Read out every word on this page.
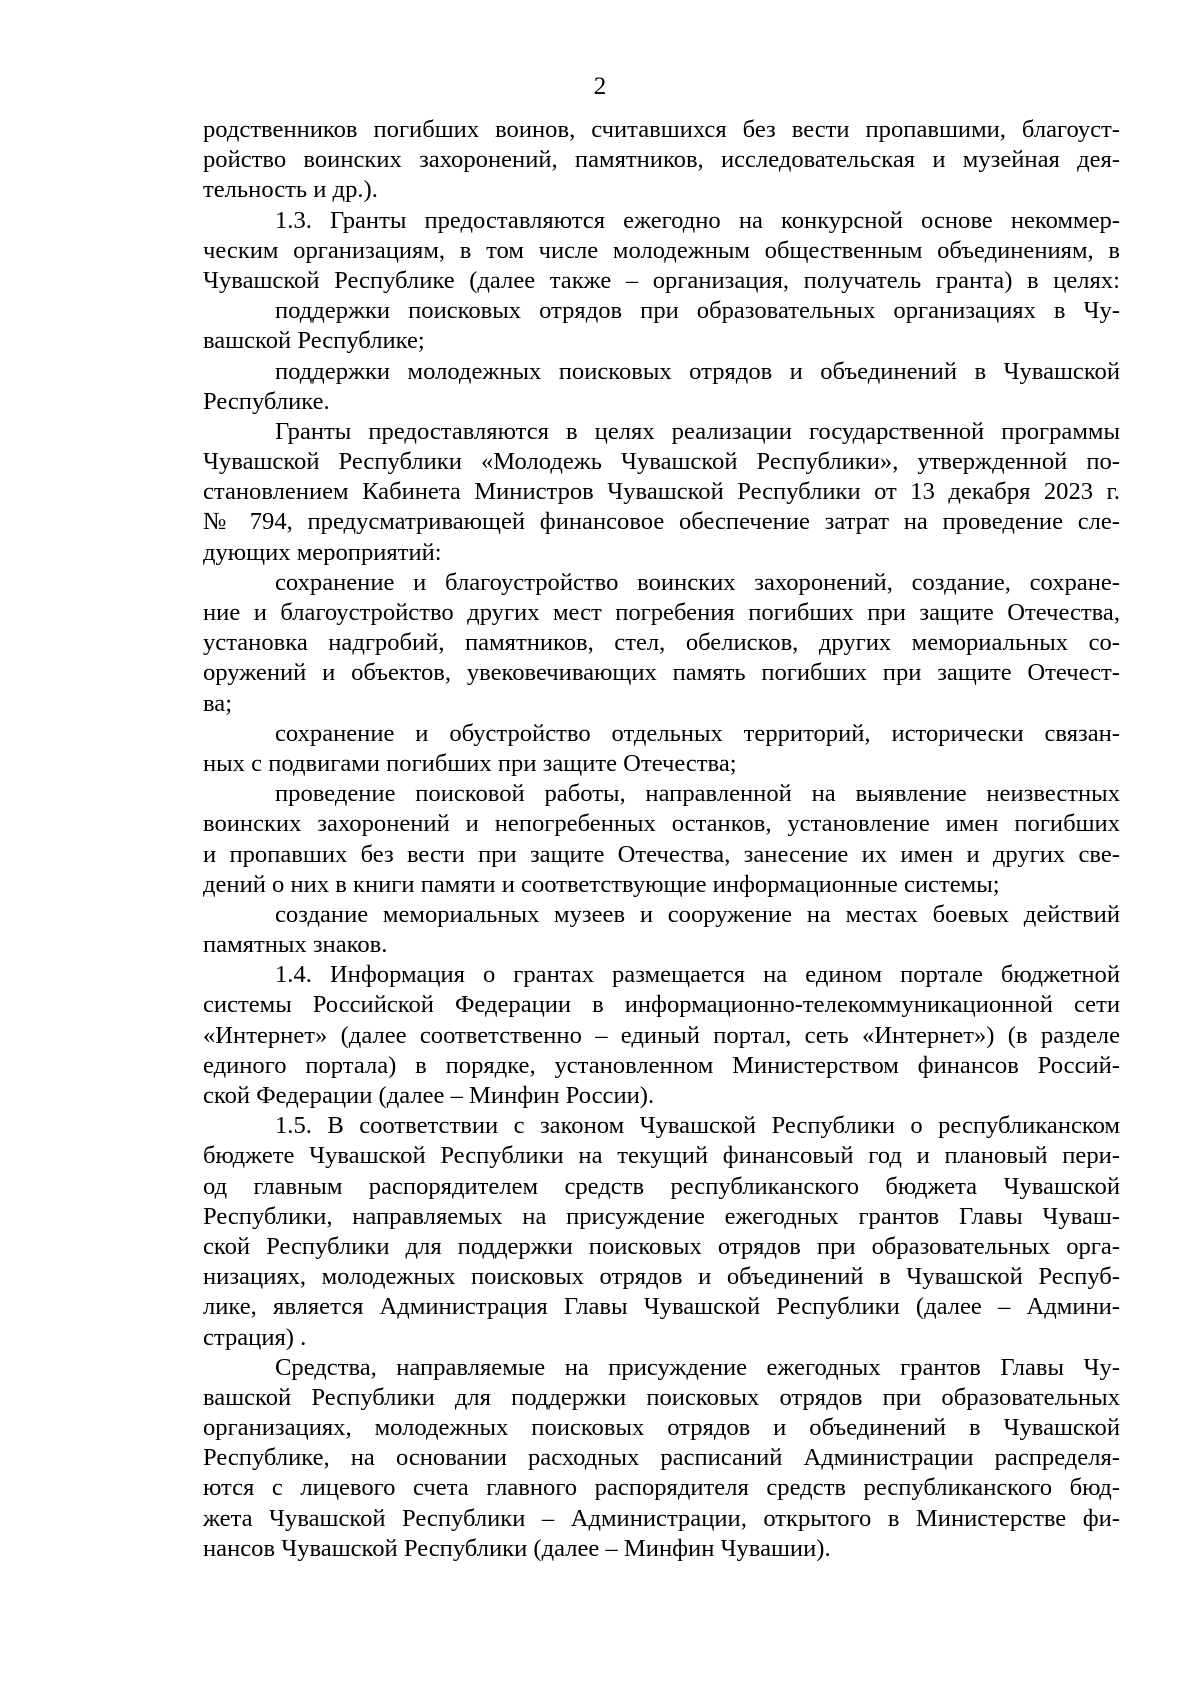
2
родственников погибших воинов, считавшихся без вести пропавшими, благоуст-
ройство воинских захоронений, памятников, исследовательская и музейная дея-
тельность и др.).
1.3. Гранты предоставляются ежегодно на конкурсной основе некоммер-
ческим организациям, в том числе молодежным общественным объединениям, в
Чувашской Республике (далее также – организация, получатель гранта) в целях:
поддержки поисковых отрядов при образовательных организациях в Чу-
вашской Республике;
поддержки молодежных поисковых отрядов и объединений в Чувашской
Республике.
Гранты предоставляются в целях реализации государственной программы
Чувашской Республики «Молодежь Чувашской Республики», утвержденной по-
становлением Кабинета Министров Чувашской Республики от 13 декабря 2023 г.
№ 794, предусматривающей финансовое обеспечение затрат на проведение сле-
дующих мероприятий:
сохранение и благоустройство воинских захоронений, создание, сохране-
ние и благоустройство других мест погребения погибших при защите Отечества,
установка надгробий, памятников, стел, обелисков, других мемориальных со-
оружений и объектов, увековечивающих память погибших при защите Отечест-
ва;
сохранение и обустройство отдельных территорий, исторически связан-
ных с подвигами погибших при защите Отечества;
проведение поисковой работы, направленной на выявление неизвестных
воинских захоронений и непогребенных останков, установление имен погибших
и пропавших без вести при защите Отечества, занесение их имен и других све-
дений о них в книги памяти и соответствующие информационные системы;
создание мемориальных музеев и сооружение на местах боевых действий
памятных знаков.
1.4. Информация о грантах размещается на едином портале бюджетной
системы Российской Федерации в информационно-телекоммуникационной сети
«Интернет» (далее соответственно – единый портал, сеть «Интернет») (в разделе
единого портала) в порядке, установленном Министерством финансов Россий-
ской Федерации (далее – Минфин России).
1.5. В соответствии с законом Чувашской Республики о республиканском
бюджете Чувашской Республики на текущий финансовый год и плановый пери-
од главным распорядителем средств республиканского бюджета Чувашской
Республики, направляемых на присуждение ежегодных грантов Главы Чуваш-
ской Республики для поддержки поисковых отрядов при образовательных орга-
низациях, молодежных поисковых отрядов и объединений в Чувашской Респуб-
лике, является Администрация Главы Чувашской Республики (далее – Админи-
страция) .
Средства, направляемые на присуждение ежегодных грантов Главы Чу-
вашской Республики для поддержки поисковых отрядов при образовательных
организациях, молодежных поисковых отрядов и объединений в Чувашской
Республике, на основании расходных расписаний Администрации распределя-
ются с лицевого счета главного распорядителя средств республиканского бюд-
жета Чувашской Республики – Администрации, открытого в Министерстве фи-
нансов Чувашской Республики (далее – Минфин Чувашии).
